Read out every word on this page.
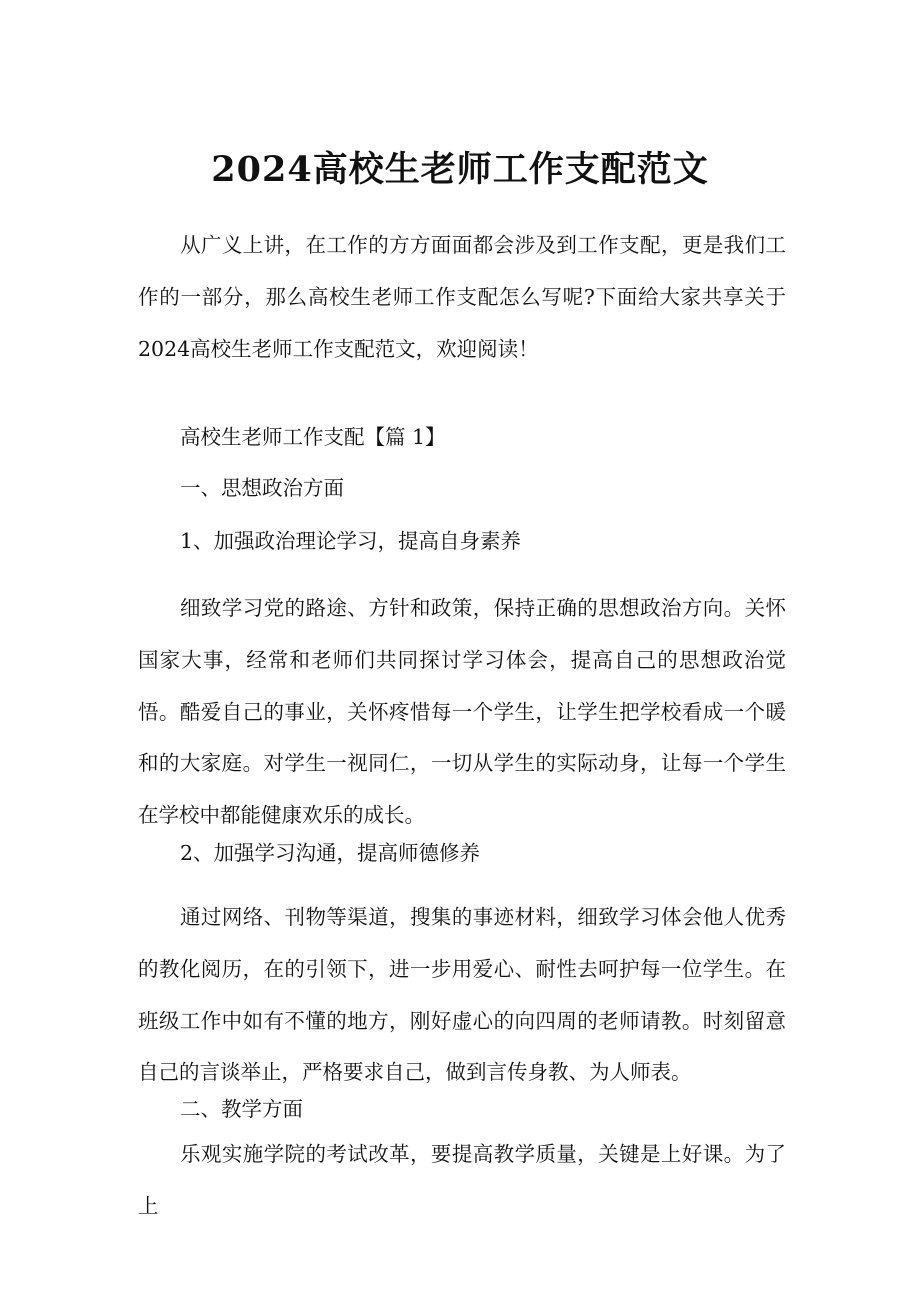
2024高校生老师工作支配范文

从广义上讲，在工作的方方面面都会涉及到工作支配，更是我们工作的一部分，那么高校生老师工作支配怎么写呢?下面给大家共享关于2024高校生老师工作支配范文，欢迎阅读！

高校生老师工作支配【篇 1】
一、思想政治方面
1、加强政治理论学习，提高自身素养

细致学习党的路途、方针和政策，保持正确的思想政治方向。关怀国家大事，经常和老师们共同探讨学习体会，提高自己的思想政治觉悟。酷爱自己的事业，关怀疼惜每一个学生，让学生把学校看成一个暖和的大家庭。对学生一视同仁，一切从学生的实际动身，让每一个学生在学校中都能健康欢乐的成长。

2、加强学习沟通，提高师德修养

通过网络、刊物等渠道，搜集的事迹材料，细致学习体会他人优秀的教化阅历，在的引领下，进一步用爱心、耐性去呵护每一位学生。在班级工作中如有不懂的地方，刚好虚心的向四周的老师请教。时刻留意自己的言谈举止，严格要求自己，做到言传身教、为人师表。

二、教学方面

乐观实施学院的考试改革，要提高教学质量，关键是上好课。为了上
